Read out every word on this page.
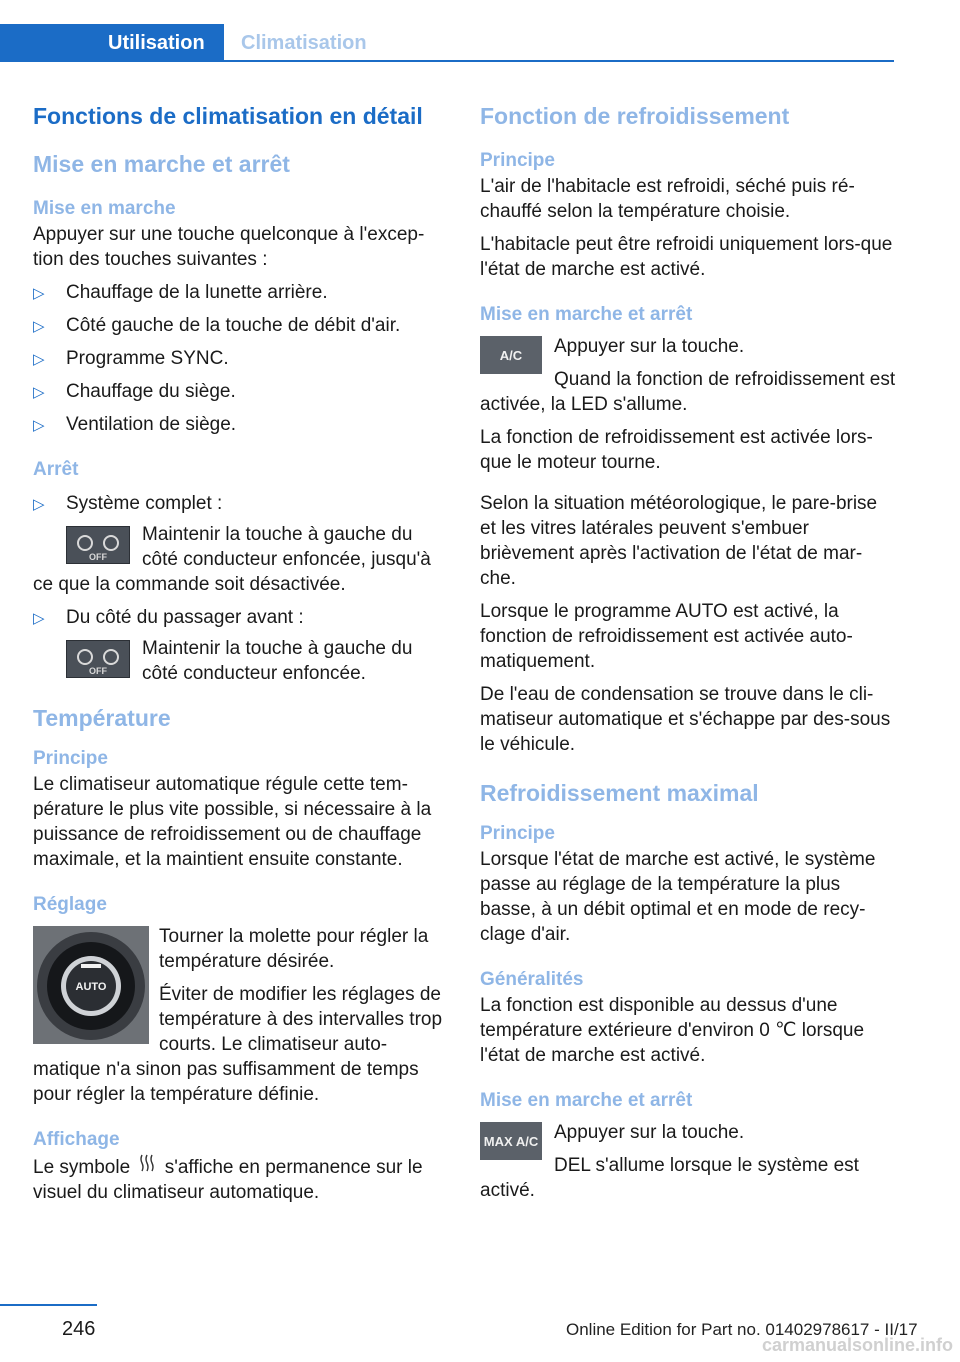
Utilisation	Climatisation
Fonctions de climatisation en détail
Mise en marche et arrêt
Mise en marche
Appuyer sur une touche quelconque à l'excep-tion des touches suivantes :
▷ Chauffage de la lunette arrière.
▷ Côté gauche de la touche de débit d'air.
▷ Programme SYNC.
▷ Chauffage du siège.
▷ Ventilation de siège.
Arrêt
▷ Système complet :
OFF
Maintenir la touche à gauche du côté conducteur enfoncée, jusqu'à
ce que la commande soit désactivée.
▷ Du côté du passager avant :
OFF
Maintenir la touche à gauche du côté conducteur enfoncée.
Température
Principe
Le climatiseur automatique régule cette tem-pérature le plus vite possible, si nécessaire à la puissance de refroidissement ou de chauffage maximale, et la maintient ensuite constante.
Réglage
AUTO
Tourner la molette pour régler la température désirée.
Éviter de modifier les réglages de température à des intervalles trop courts. Le climatiseur auto-matique n'a sinon pas suffisamment de temps pour régler la température définie.
Affichage
Le symbole s'affiche en permanence sur le visuel du climatiseur automatique.
Fonction de refroidissement
Principe
L'air de l'habitacle est refroidi, séché puis ré-chauffé selon la température choisie.
L'habitacle peut être refroidi uniquement lors-que l'état de marche est activé.
Mise en marche et arrêt
A/C	Appuyer sur la touche.
Quand la fonction de refroidissement est activée, la LED s'allume.
La fonction de refroidissement est activée lors-que le moteur tourne.
Selon la situation météorologique, le pare-brise et les vitres latérales peuvent s'embuer brièvement après l'activation de l'état de mar-che.
Lorsque le programme AUTO est activé, la fonction de refroidissement est activée auto-matiquement.
De l'eau de condensation se trouve dans le cli-matiseur automatique et s'échappe par des-sous le véhicule.
Refroidissement maximal
Principe
Lorsque l'état de marche est activé, le système passe au réglage de la température la plus basse, à un débit optimal et en mode de recy-clage d'air.
Généralités
La fonction est disponible au dessus d'une température extérieure d'environ 0 ℃ lorsque l'état de marche est activé.
Mise en marche et arrêt
MAX A/C Appuyer sur la touche.
DEL s'allume lorsque le système est activé.
246	Online Edition for Part no. 01402978617 - II/17
carmanualsonline.info
